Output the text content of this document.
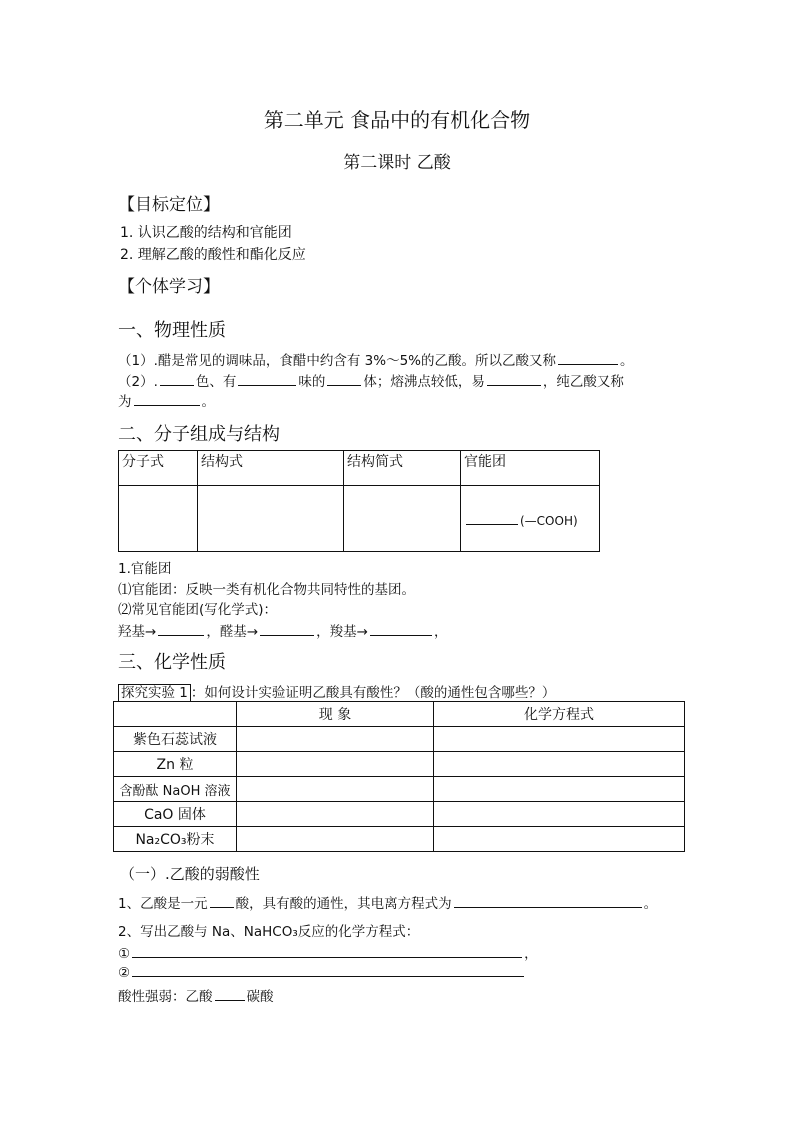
第二单元 食品中的有机化合物
第二课时 乙酸
【目标定位】
1. 认识乙酸的结构和官能团
2. 理解乙酸的酸性和酯化反应
【个体学习】
一、物理性质
（1）.醋是常见的调味品，食醋中约含有 3%～5%的乙酸。所以乙酸又称	。
（2）.	色、有	味的	体；熔沸点较低，易	，纯乙酸又称
为	。
二、分子组成与结构
分子式	结构式	结构简式	官能团
			(—COOH)
1.官能团
⑴官能团：反映一类有机化合物共同特性的基团。
⑵常见官能团(写化学式)：
羟基→	，醛基→	，羧基→	，
三、化学性质
探究实验 1 ：如何设计实验证明乙酸具有酸性？（酸的通性包含哪些？）
	现 象	化学方程式
紫色石蕊试液		
Zn 粒		
含酚酞 NaOH 溶液		
CaO 固体		
Na₂CO₃粉末		
（一）.乙酸的弱酸性
1、乙酸是一元 酸，具有酸的通性，其电离方程式为	。
2、写出乙酸与 Na、NaHCO₃反应的化学方程式：
①	，
②
酸性强弱：乙酸	碳酸
